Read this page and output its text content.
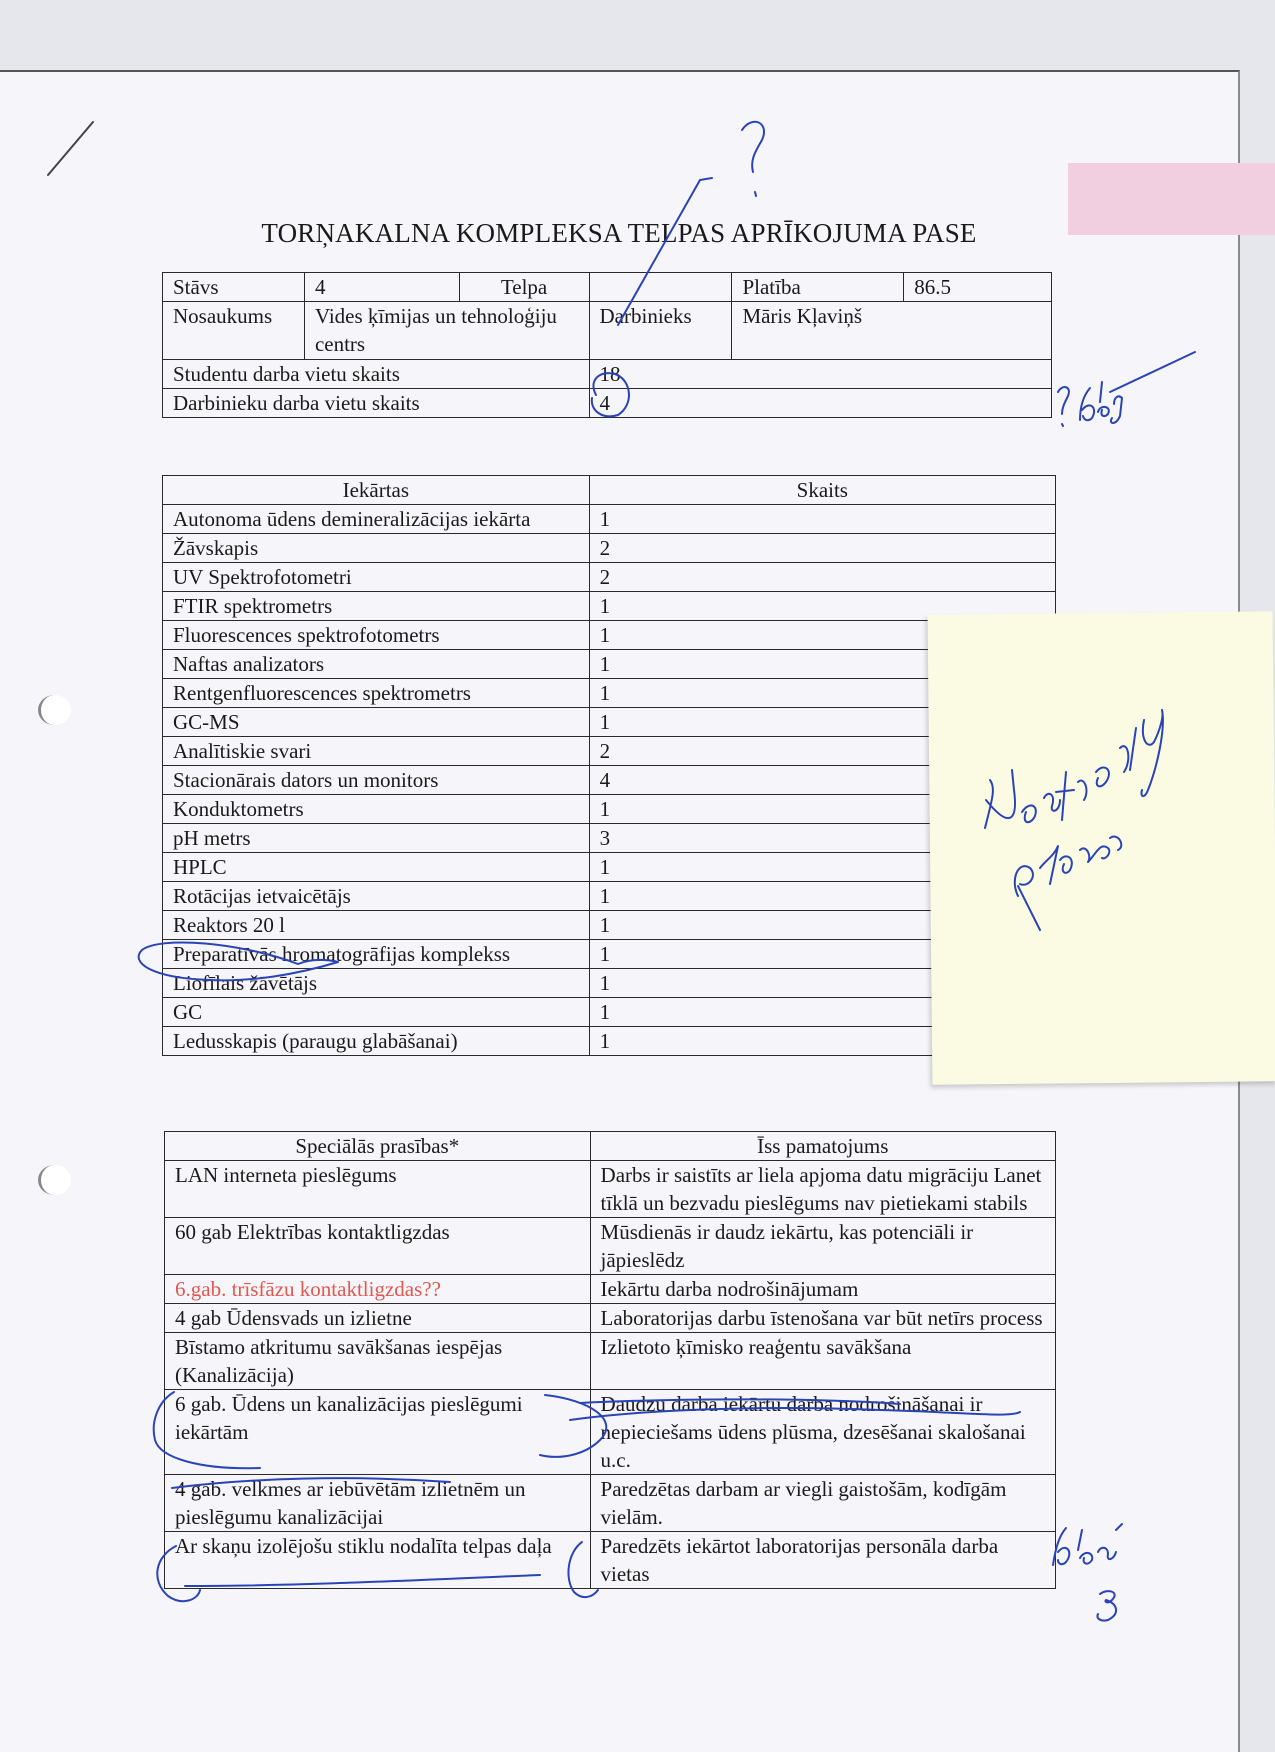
TORŅAKALNA KOMPLEKSA TELPAS APRĪKOJUMA PASE
Stāvs	4	Telpa		Platība	86.5
Nosaukums	Vides ķīmijas un tehnoloģiju centrs		Darbinieks	Māris Kļaviņš	
Studentu darba vietu skaits			18		
Darbinieku darba vietu skaits			4		
Iekārtas	Skaits
Autonoma ūdens demineralizācijas iekārta	1
Žāvskapis	2
UV Spektrofotometri	2
FTIR spektrometrs	1
Fluorescences spektrofotometrs	1
Naftas analizators	1
Rentgenfluorescences spektrometrs	1
GC-MS	1
Analītiskie svari	2
Stacionārais dators un monitors	4
Konduktometrs	1
pH metrs	3
HPLC	1
Rotācijas ietvaicētājs	1
Reaktors 20 l	1
Preparatīvās hromatogrāfijas komplekss	1
Liofīlais žāvētājs	1
GC	1
Ledusskapis (paraugu glabāšanai)	1
Speciālās prasības*	Īss pamatojums
LAN interneta pieslēgums	Darbs ir saistīts ar liela apjoma datu migrāciju Lanet tīklā un bezvadu pieslēgums nav pietiekami stabils
60 gab Elektrības kontaktligzdas	Mūsdienās ir daudz iekārtu, kas potenciāli ir jāpieslēdz
6.gab. trīsfāzu kontaktligzdas??	Iekārtu darba nodrošinājumam
4 gab Ūdensvads un izlietne	Laboratorijas darbu īstenošana var būt netīrs process
Bīstamo atkritumu savākšanas iespējas (Kanalizācija)	Izlietoto ķīmisko reaģentu savākšana
6 gab. Ūdens un kanalizācijas pieslēgumi iekārtām	Daudzu darba iekārtu darba nodrošināšanai ir nepieciešams ūdens plūsma, dzesēšanai skalošanai u.c.
4 gab. velkmes ar iebūvētām izlietnēm un pieslēgumu kanalizācijai	Paredzētas darbam ar viegli gaistošām, kodīgām vielām.
Ar skaņu izolējošu stiklu nodalīta telpas daļa	Paredzēts iekārtot laboratorijas personāla darba vietas
